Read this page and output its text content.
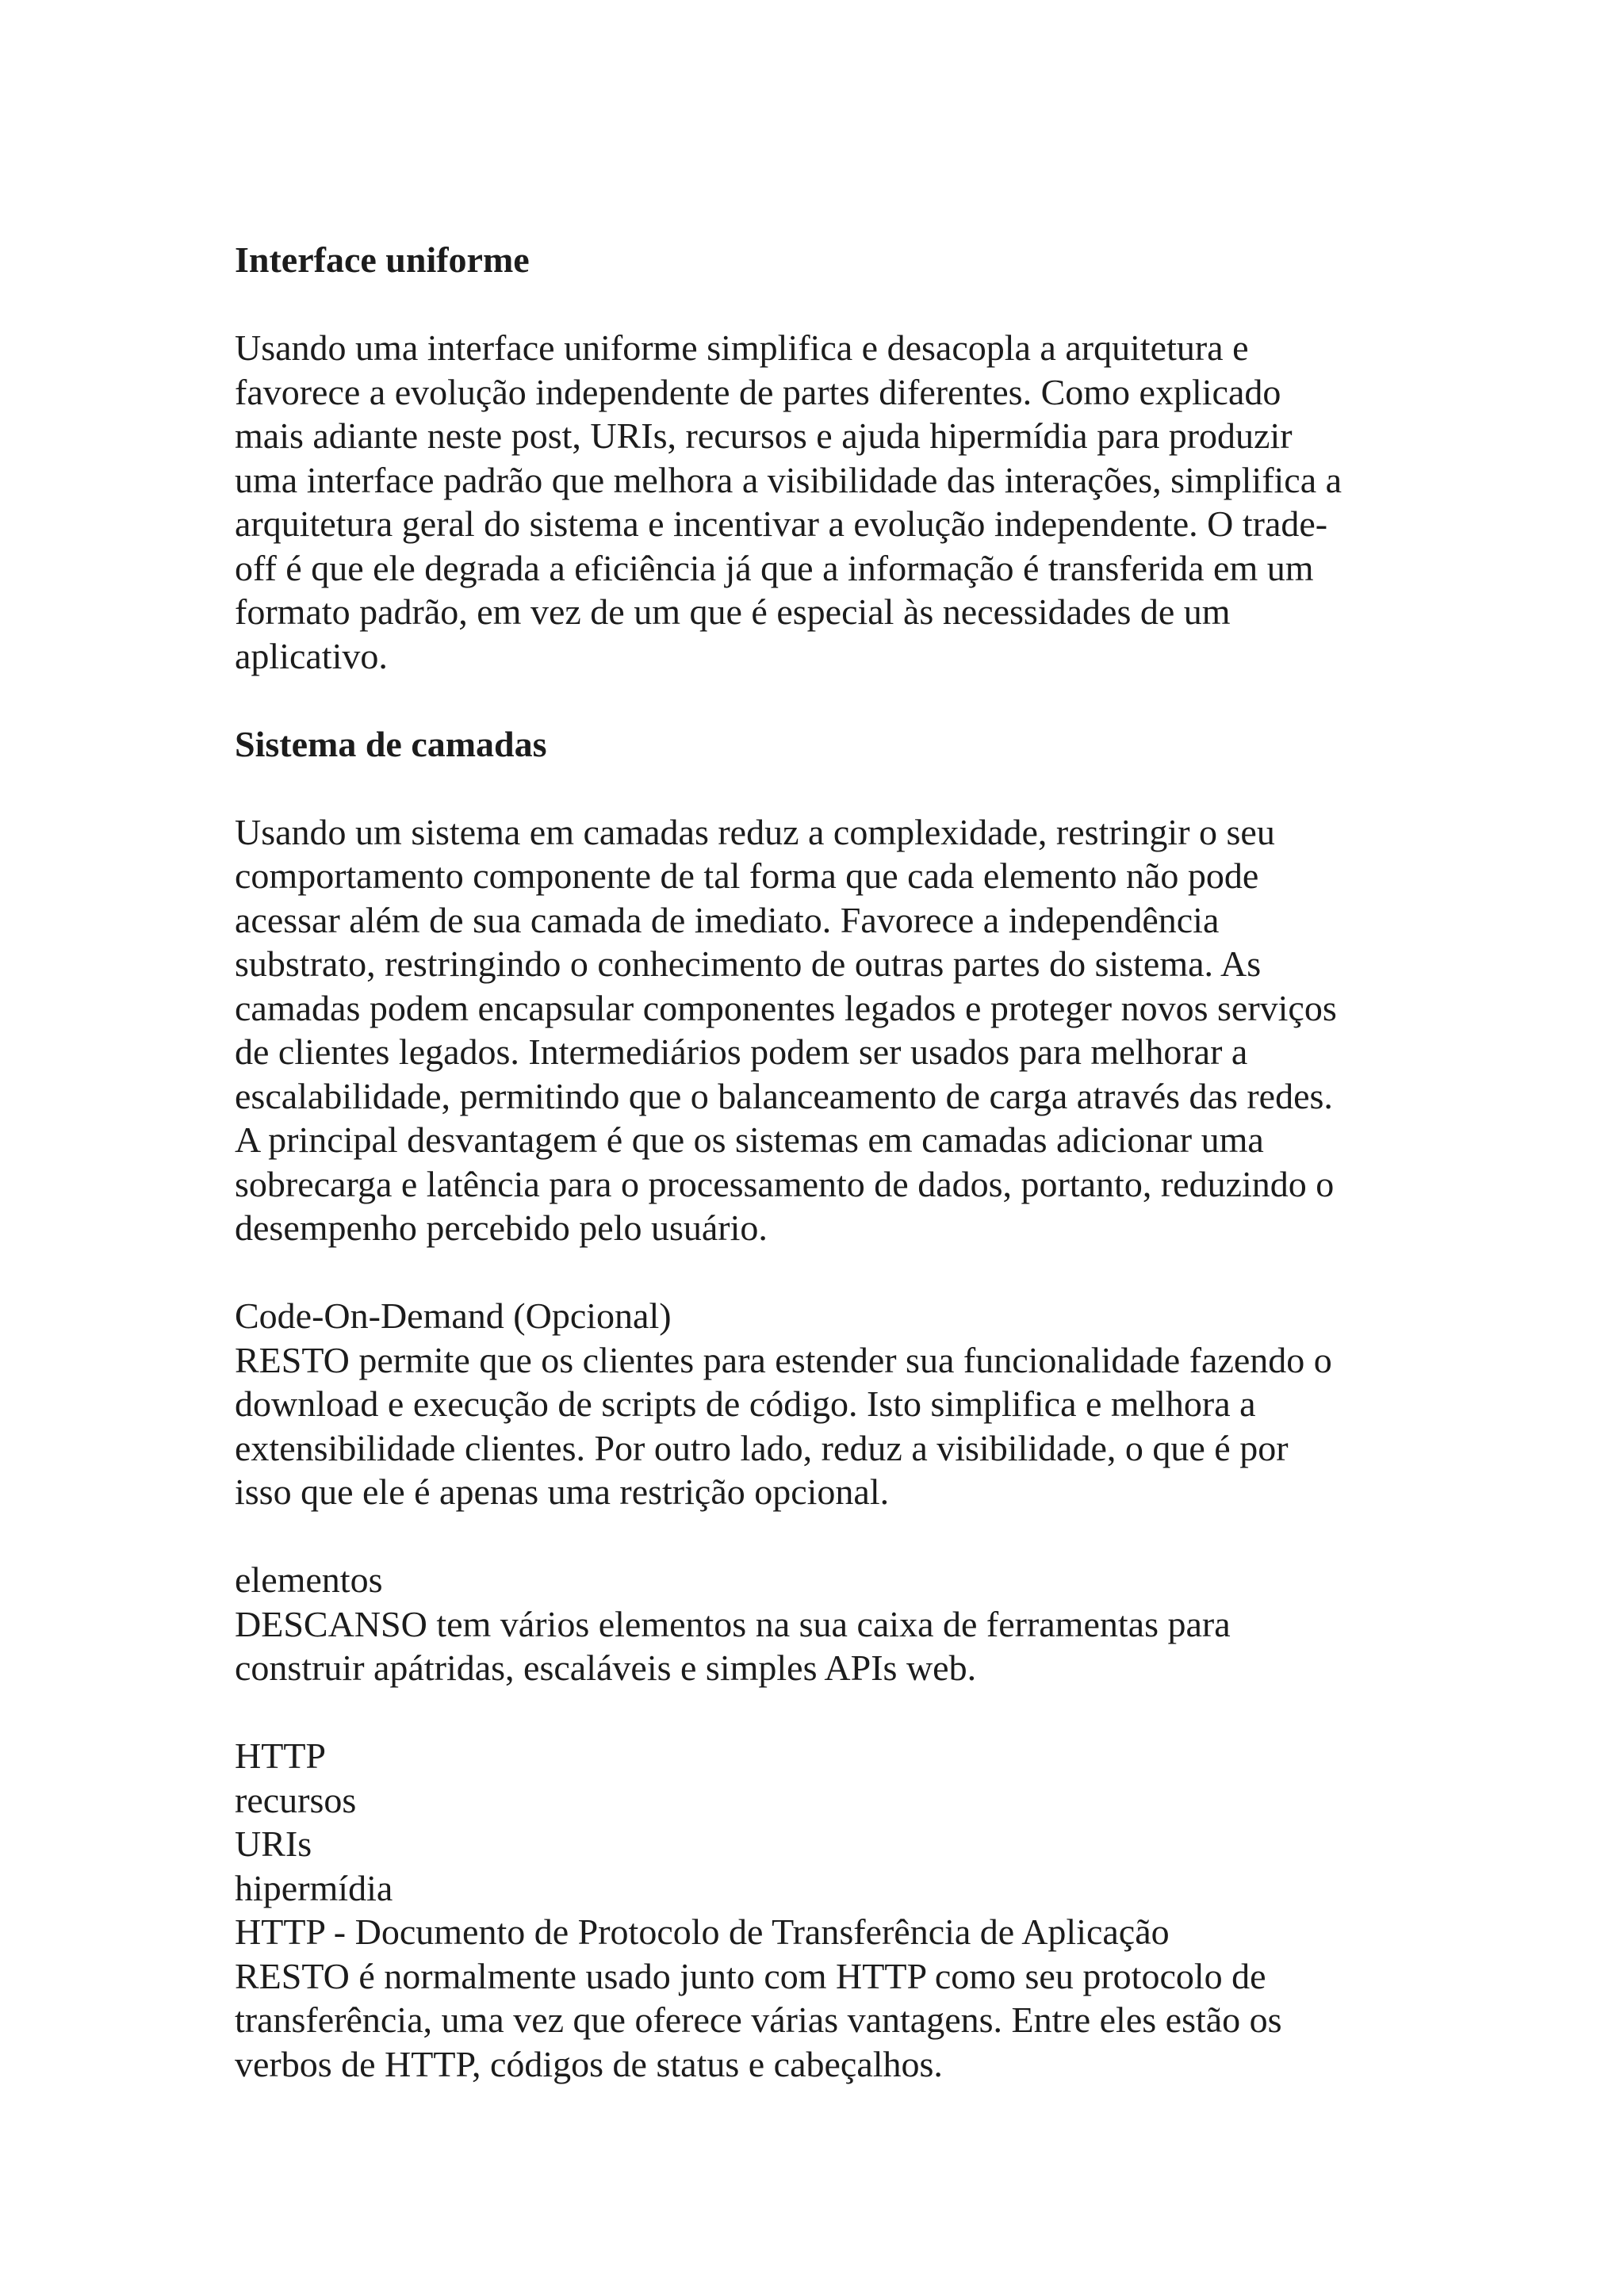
Interface uniforme

Usando uma interface uniforme simplifica e desacopla a arquitetura e
favorece a evolução independente de partes diferentes. Como explicado
mais adiante neste post, URIs, recursos e ajuda hipermídia para produzir
uma interface padrão que melhora a visibilidade das interações, simplifica a
arquitetura geral do sistema e incentivar a evolução independente. O trade-
off é que ele degrada a eficiência já que a informação é transferida em um
formato padrão, em vez de um que é especial às necessidades de um
aplicativo.

Sistema de camadas

Usando um sistema em camadas reduz a complexidade, restringir o seu
comportamento componente de tal forma que cada elemento não pode
acessar além de sua camada de imediato. Favorece a independência
substrato, restringindo o conhecimento de outras partes do sistema. As
camadas podem encapsular componentes legados e proteger novos serviços
de clientes legados. Intermediários podem ser usados para melhorar a
escalabilidade, permitindo que o balanceamento de carga através das redes.
A principal desvantagem é que os sistemas em camadas adicionar uma
sobrecarga e latência para o processamento de dados, portanto, reduzindo o
desempenho percebido pelo usuário.
Code-On-Demand (Opcional)
RESTO permite que os clientes para estender sua funcionalidade fazendo o
download e execução de scripts de código. Isto simplifica e melhora a
extensibilidade clientes. Por outro lado, reduz a visibilidade, o que é por
isso que ele é apenas uma restrição opcional.
elementos
DESCANSO tem vários elementos na sua caixa de ferramentas para
construir apátridas, escaláveis e simples APIs web.
HTTP
recursos
URIs
hipermídia
HTTP - Documento de Protocolo de Transferência de Aplicação
RESTO é normalmente usado junto com HTTP como seu protocolo de
transferência, uma vez que oferece várias vantagens. Entre eles estão os
verbos de HTTP, códigos de status e cabeçalhos.
